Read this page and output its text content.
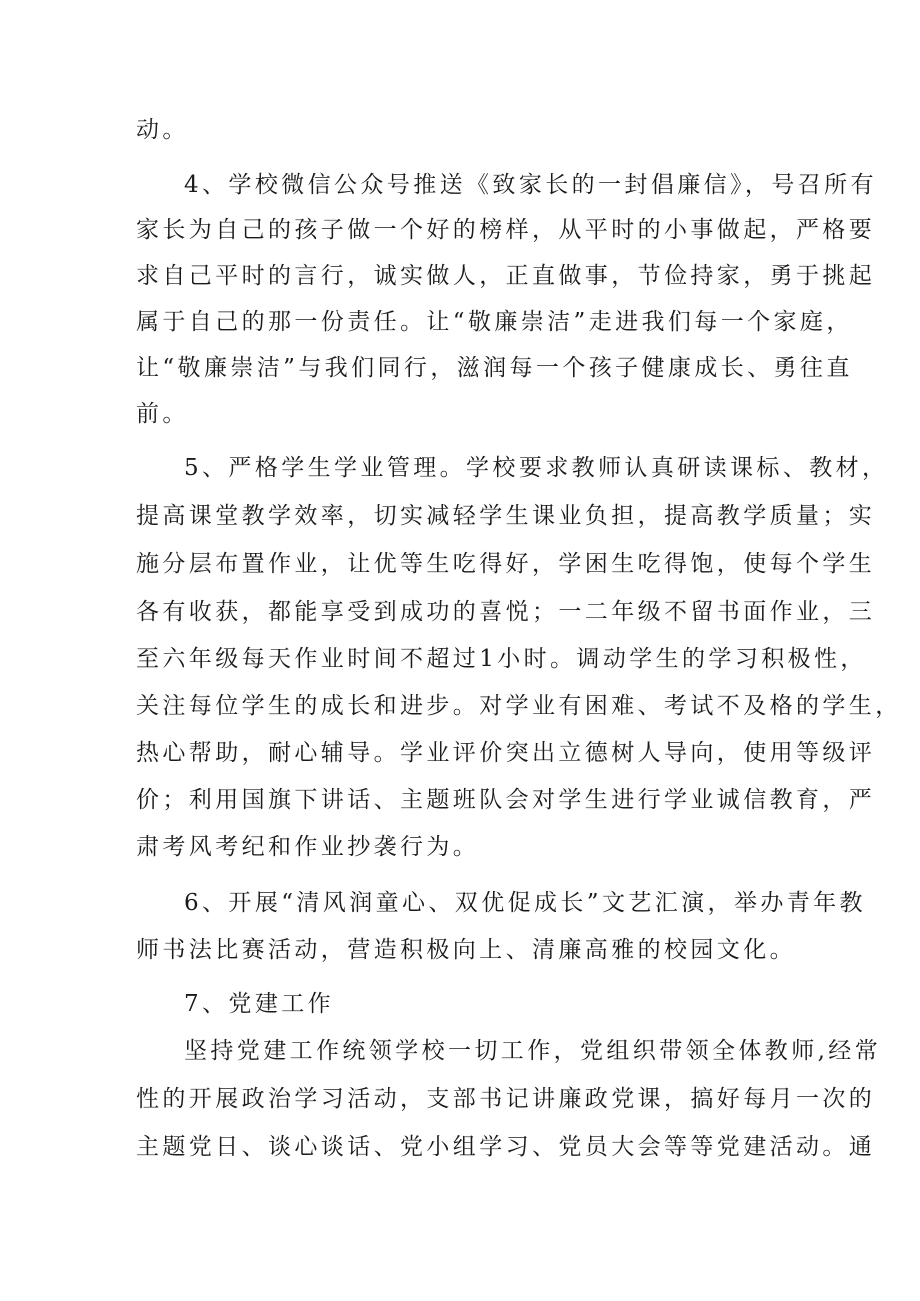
动。
4、学校微信公众号推送《致家长的一封倡廉信》，号召所有
家长为自己的孩子做一个好的榜样，从平时的小事做起，严格要
求自己平时的言行，诚实做人，正直做事，节俭持家，勇于挑起
属于自己的那一份责任。让“敬廉崇洁”走进我们每一个家庭，
让“敬廉崇洁”与我们同行，滋润每一个孩子健康成长、勇往直
前。
5、严格学生学业管理。学校要求教师认真研读课标、教材，
提高课堂教学效率，切实减轻学生课业负担，提高教学质量；实
施分层布置作业，让优等生吃得好，学困生吃得饱，使每个学生
各有收获，都能享受到成功的喜悦；一二年级不留书面作业，三
至六年级每天作业时间不超过1小时。调动学生的学习积极性，
关注每位学生的成长和进步。对学业有困难、考试不及格的学生，
热心帮助，耐心辅导。学业评价突出立德树人导向，使用等级评
价；利用国旗下讲话、主题班队会对学生进行学业诚信教育，严
肃考风考纪和作业抄袭行为。
6、开展“清风润童心、双优促成长”文艺汇演，举办青年教
师书法比赛活动，营造积极向上、清廉高雅的校园文化。
7、党建工作
坚持党建工作统领学校一切工作，党组织带领全体教师,经常
性的开展政治学习活动，支部书记讲廉政党课，搞好每月一次的
主题党日、谈心谈话、党小组学习、党员大会等等党建活动。通
